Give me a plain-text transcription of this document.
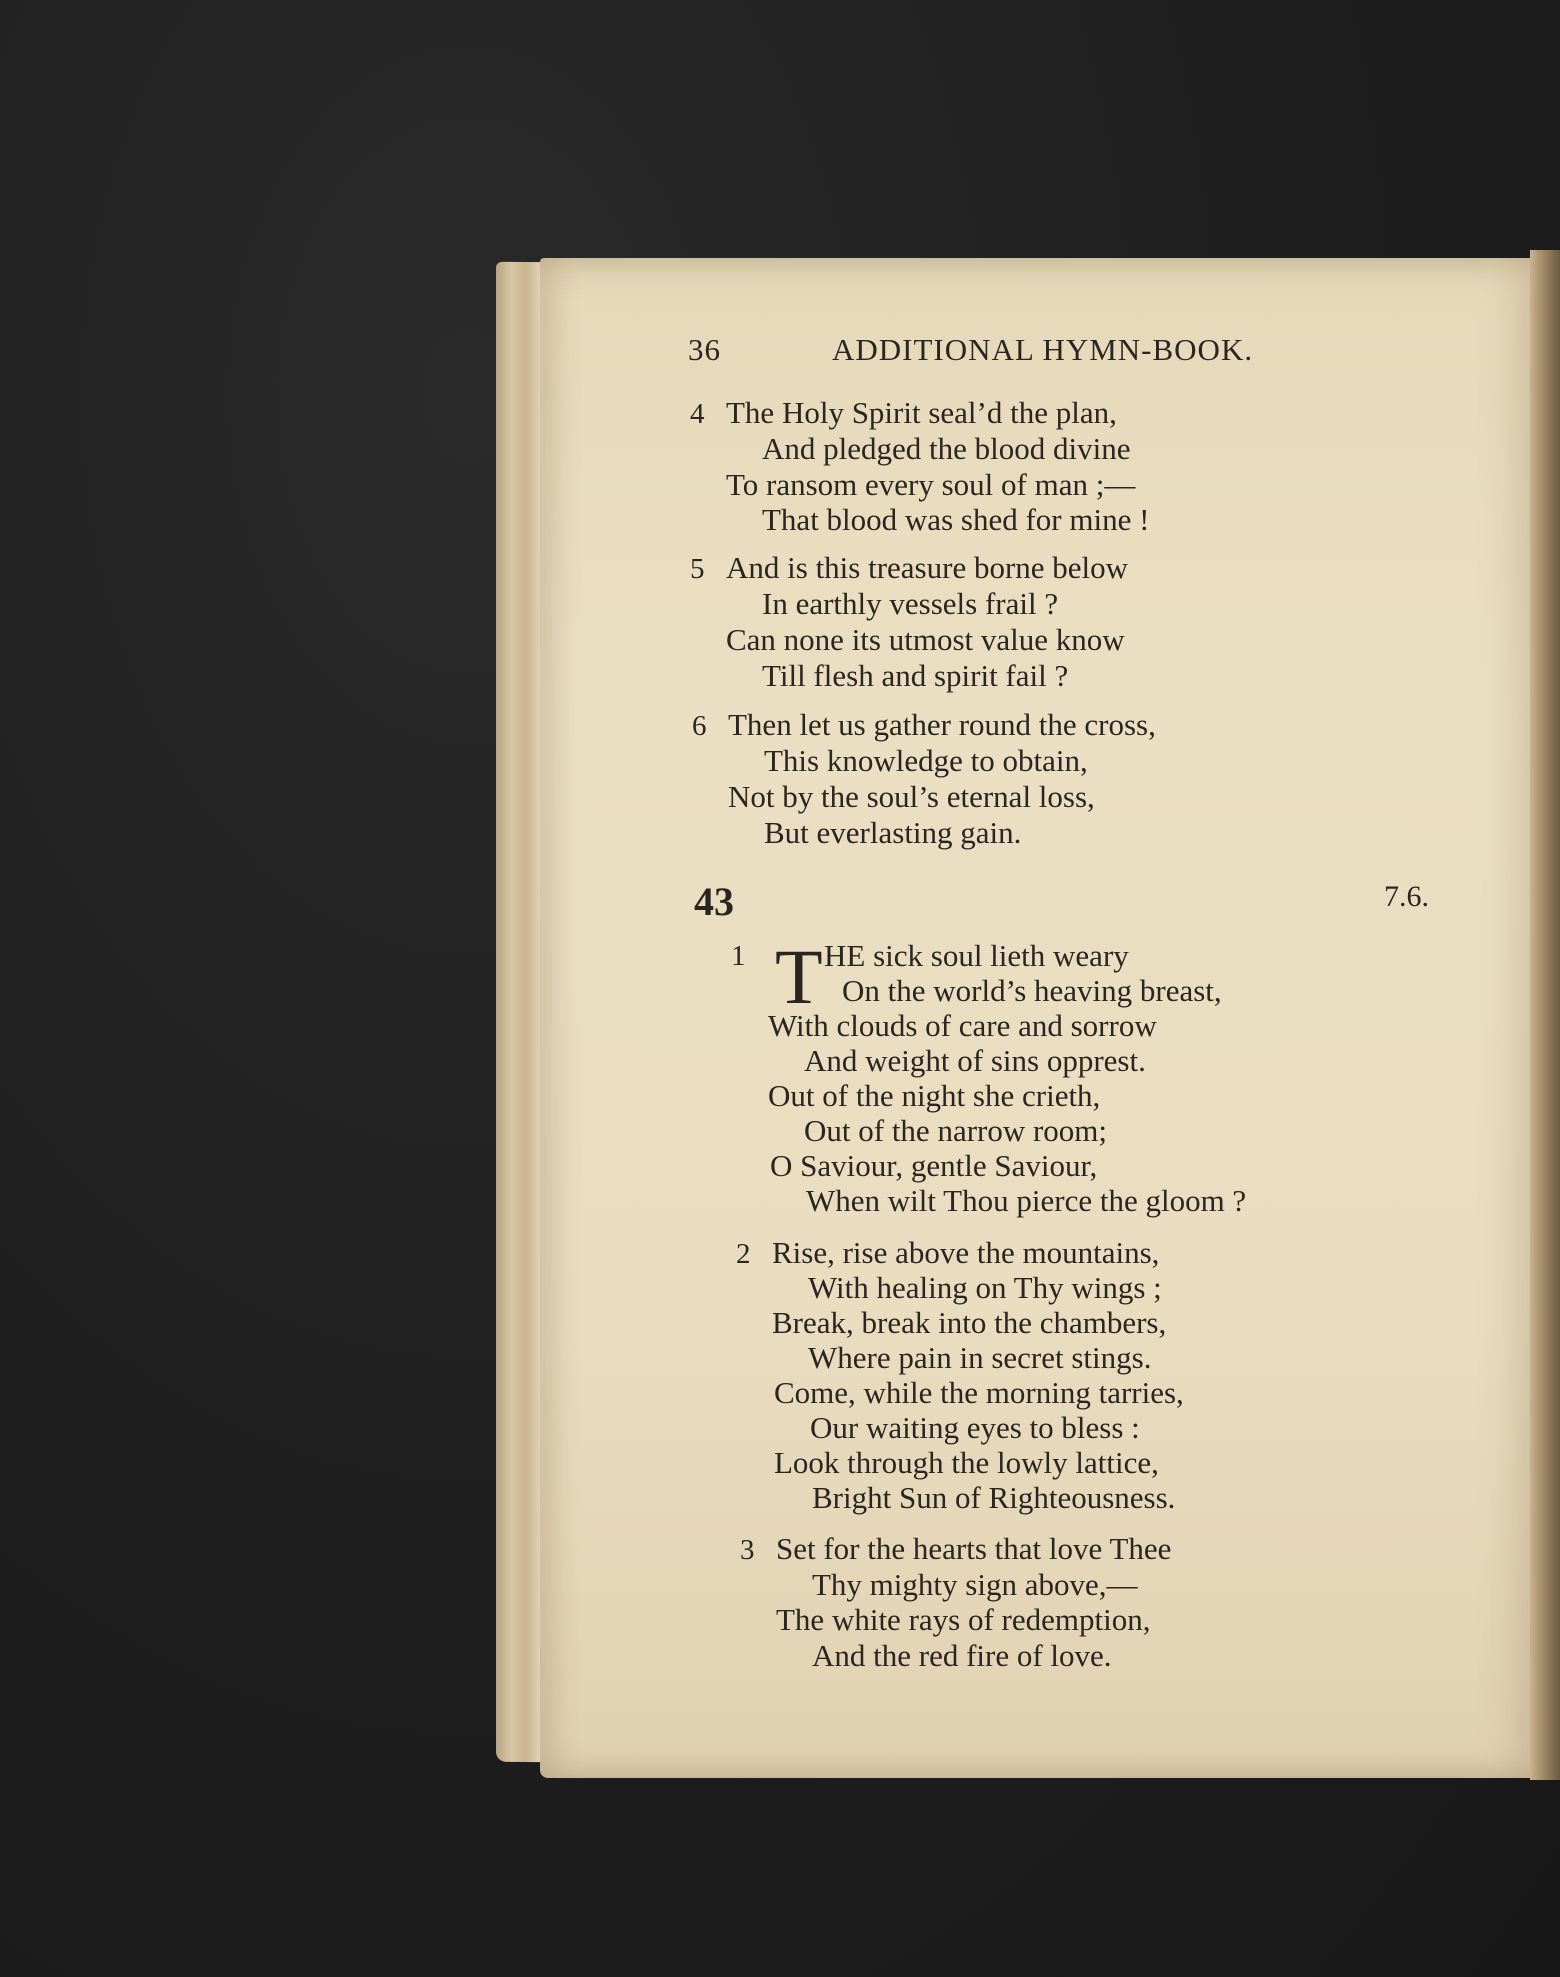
36	ADDITIONAL HYMN-BOOK.
4 The Holy Spirit seal’d the plan,
And pledged the blood divine
To ransom every soul of man ;—
That blood was shed for mine !
5 And is this treasure borne below
In earthly vessels frail ?
Can none its utmost value know
Till flesh and spirit fail ?
6 Then let us gather round the cross,
This knowledge to obtain,
Not by the soul’s eternal loss,
But everlasting gain.
43	7.6.
1 T HE sick soul lieth weary
On the world’s heaving breast,
With clouds of care and sorrow
And weight of sins opprest.
Out of the night she crieth,
Out of the narrow room;
O Saviour, gentle Saviour,
When wilt Thou pierce the gloom ?
2 Rise, rise above the mountains,
With healing on Thy wings ;
Break, break into the chambers,
Where pain in secret stings.
Come, while the morning tarries,
Our waiting eyes to bless :
Look through the lowly lattice,
Bright Sun of Righteousness.
3 Set for the hearts that love Thee
Thy mighty sign above,—
The white rays of redemption,
And the red fire of love.
